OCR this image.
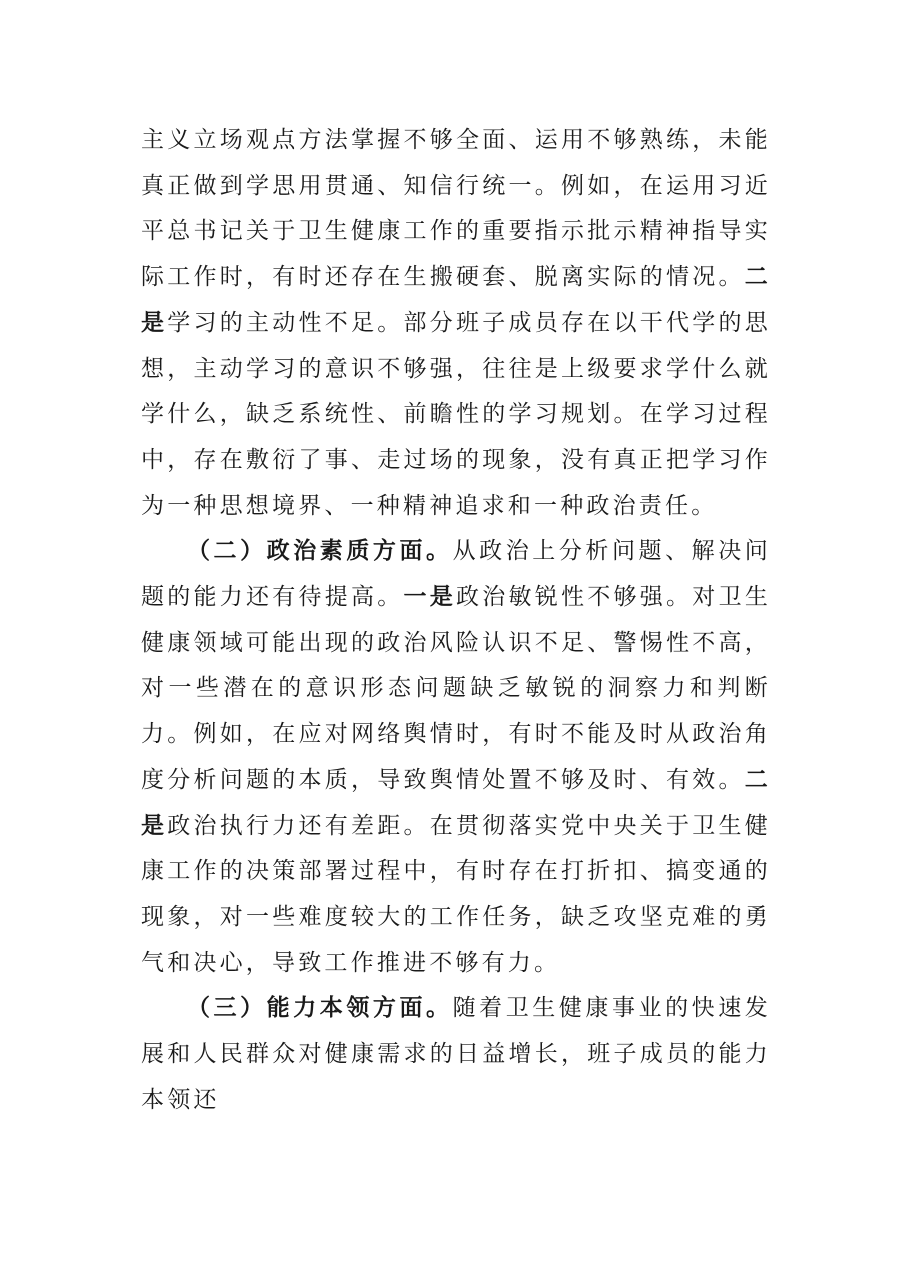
主义立场观点方法掌握不够全面、运用不够熟练，未能真正做到学思用贯通、知信行统一。例如，在运用习近平总书记关于卫生健康工作的重要指示批示精神指导实际工作时，有时还存在生搬硬套、脱离实际的情况。二是学习的主动性不足。部分班子成员存在以干代学的思想，主动学习的意识不够强，往往是上级要求学什么就学什么，缺乏系统性、前瞻性的学习规划。在学习过程中，存在敷衍了事、走过场的现象，没有真正把学习作为一种思想境界、一种精神追求和一种政治责任。

（二）政治素质方面。从政治上分析问题、解决问题的能力还有待提高。一是政治敏锐性不够强。对卫生健康领域可能出现的政治风险认识不足、警惕性不高，对一些潜在的意识形态问题缺乏敏锐的洞察力和判断力。例如，在应对网络舆情时，有时不能及时从政治角度分析问题的本质，导致舆情处置不够及时、有效。二是政治执行力还有差距。在贯彻落实党中央关于卫生健康工作的决策部署过程中，有时存在打折扣、搞变通的现象，对一些难度较大的工作任务，缺乏攻坚克难的勇气和决心，导致工作推进不够有力。

（三）能力本领方面。随着卫生健康事业的快速发展和人民群众对健康需求的日益增长，班子成员的能力本领还
